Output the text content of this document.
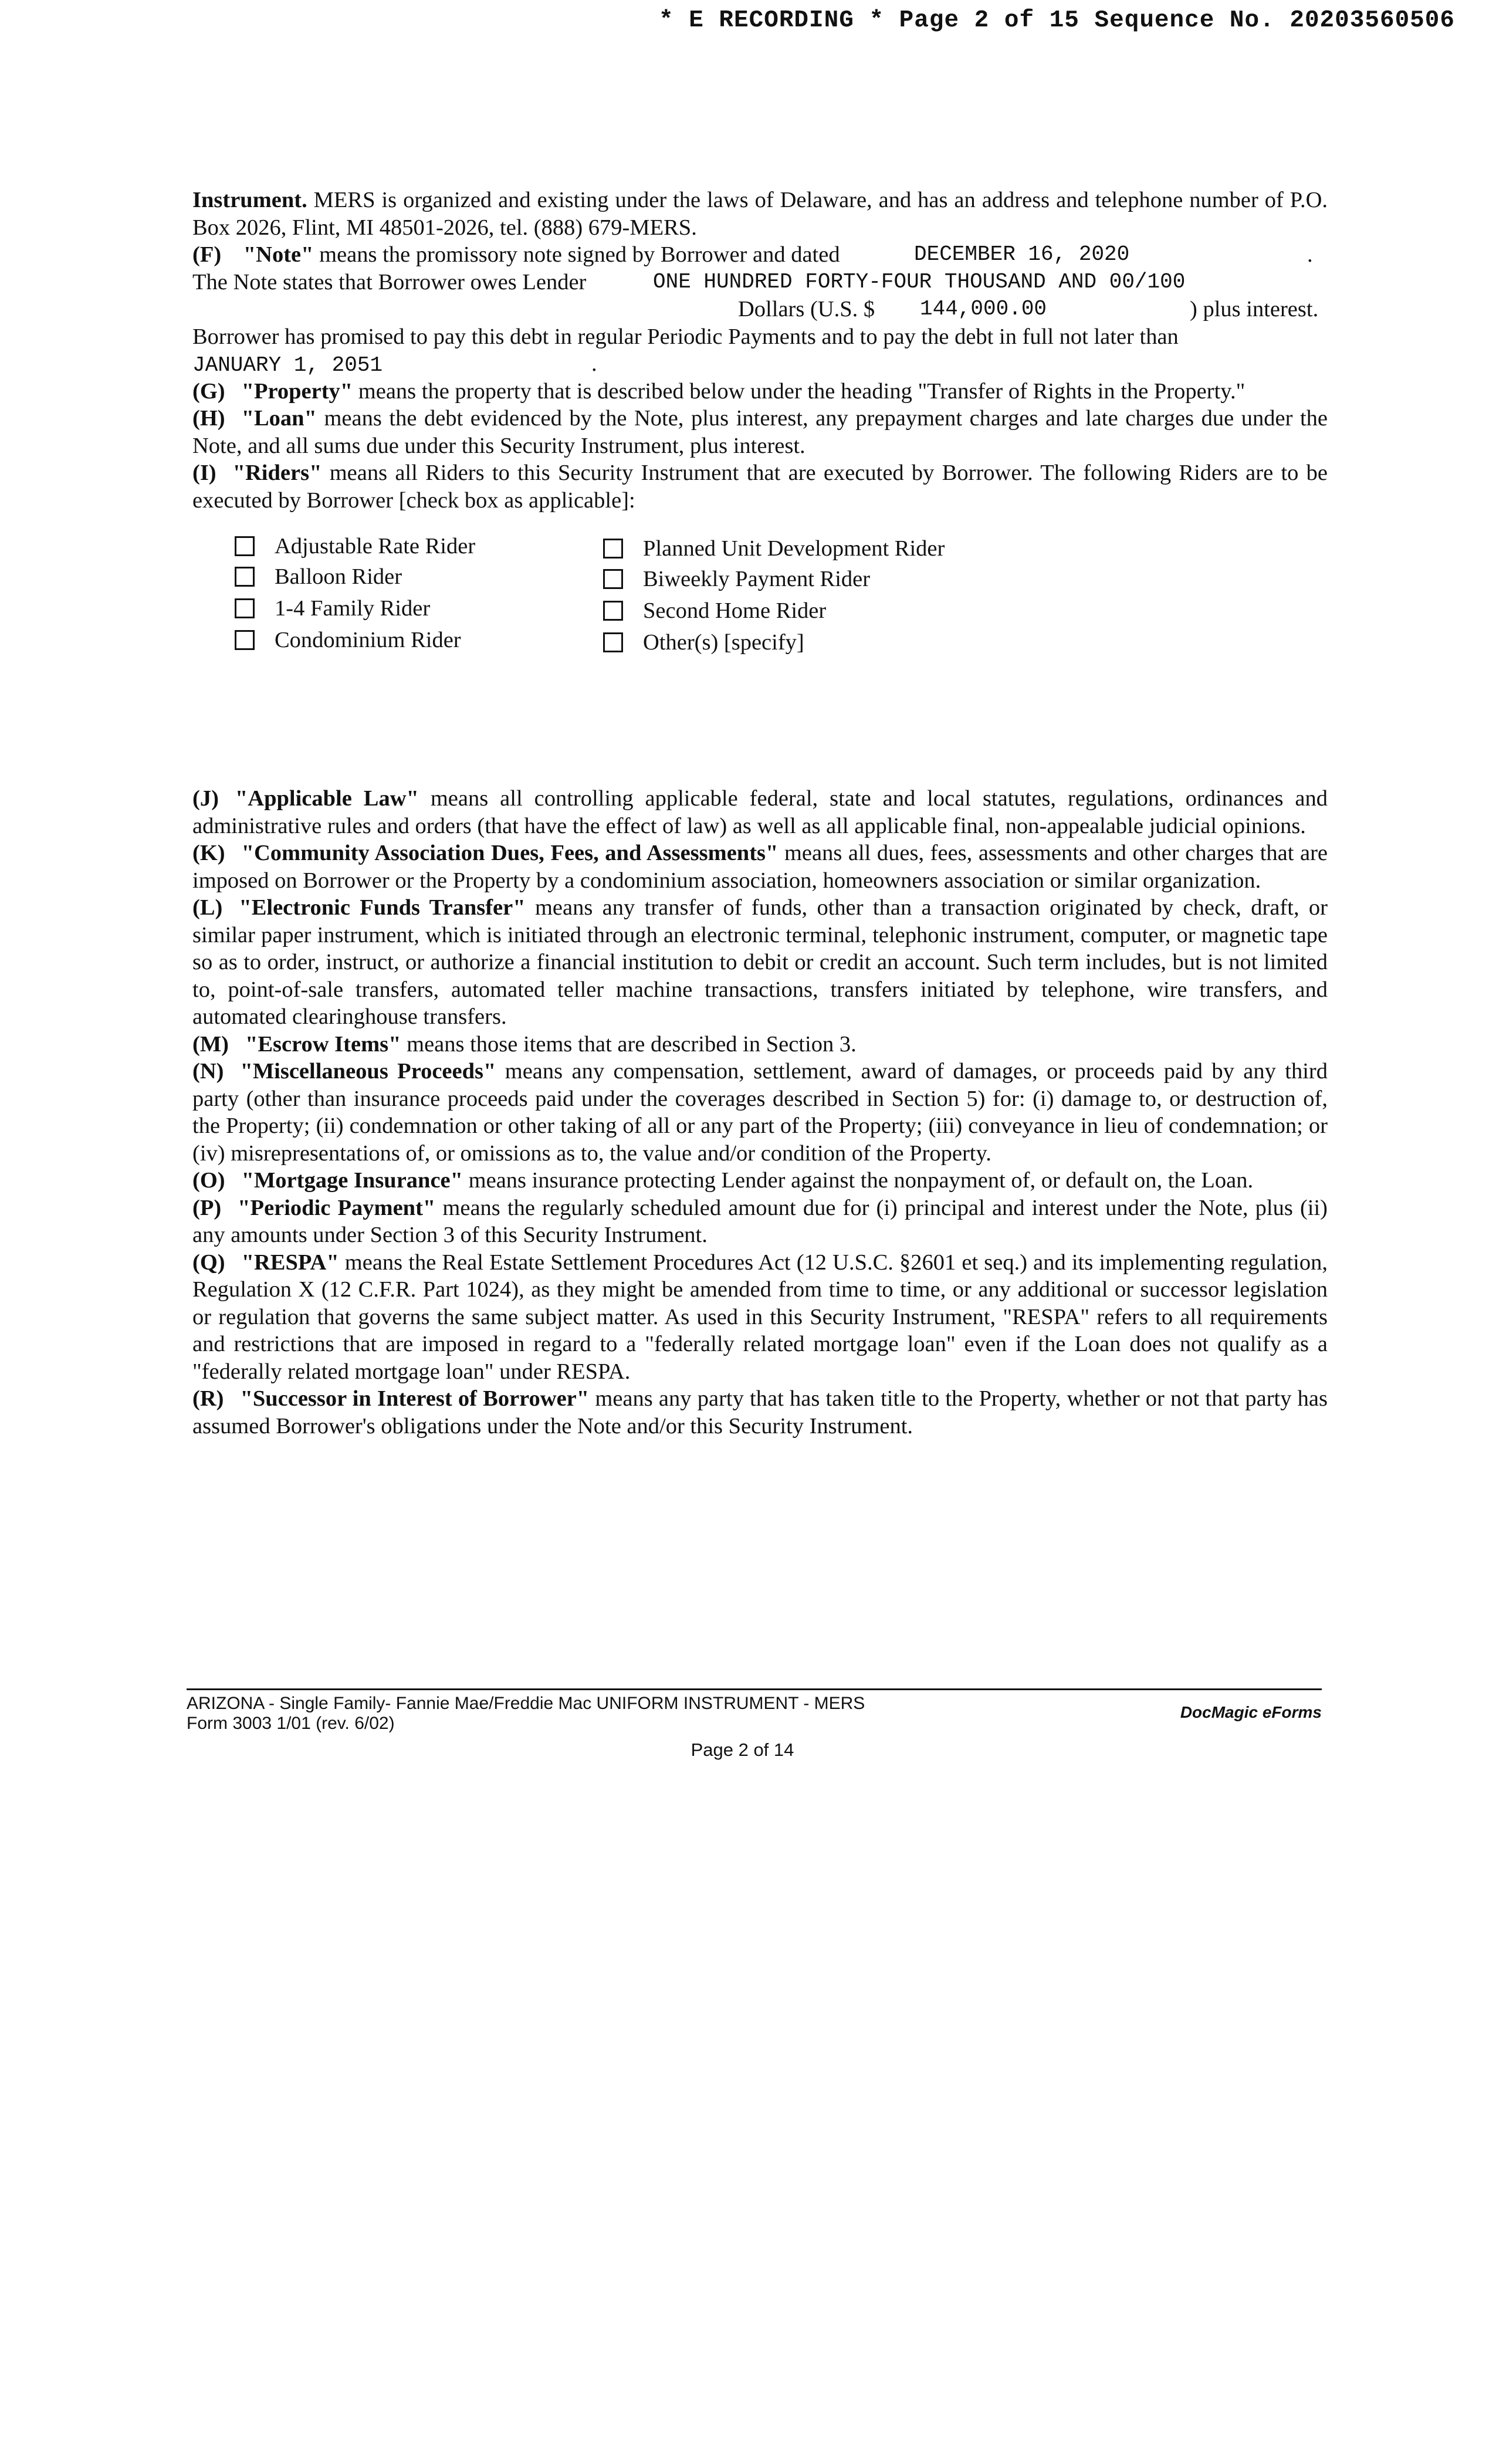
* E RECORDING * Page 2 of 15 Sequence No. 20203560506

Instrument. MERS is organized and existing under the laws of Delaware, and has an address and telephone number of P.O. Box 2026, Flint, MI 48501-2026, tel. (888) 679-MERS.

(F) "Note" means the promissory note signed by Borrower and dated	DECEMBER 16, 2020	.
The Note states that Borrower owes Lender	ONE HUNDRED FORTY-FOUR THOUSAND AND 00/100
Dollars (U.S. $ 144,000.00	) plus interest.

Borrower has promised to pay this debt in regular Periodic Payments and to pay the debt in full not later than

JANUARY 1, 2051	.

(G) "Property" means the property that is described below under the heading "Transfer of Rights in the Property."

(H) "Loan" means the debt evidenced by the Note, plus interest, any prepayment charges and late charges due under the Note, and all sums due under this Security Instrument, plus interest.

(I) "Riders" means all Riders to this Security Instrument that are executed by Borrower. The following Riders are to be executed by Borrower [check box as applicable]:

Adjustable Rate Rider
Balloon Rider
1-4 Family Rider
Condominium Rider
Planned Unit Development Rider
Biweekly Payment Rider
Second Home Rider
Other(s) [specify]

(J) "Applicable Law" means all controlling applicable federal, state and local statutes, regulations, ordinances and administrative rules and orders (that have the effect of law) as well as all applicable final, non-appealable judicial opinions.

(K) "Community Association Dues, Fees, and Assessments" means all dues, fees, assessments and other charges that are imposed on Borrower or the Property by a condominium association, homeowners association or similar organization.

(L) "Electronic Funds Transfer" means any transfer of funds, other than a transaction originated by check, draft, or similar paper instrument, which is initiated through an electronic terminal, telephonic instrument, computer, or magnetic tape so as to order, instruct, or authorize a financial institution to debit or credit an account. Such term includes, but is not limited to, point-of-sale transfers, automated teller machine transactions, transfers initiated by telephone, wire transfers, and automated clearinghouse transfers.

(M) "Escrow Items" means those items that are described in Section 3.

(N) "Miscellaneous Proceeds" means any compensation, settlement, award of damages, or proceeds paid by any third party (other than insurance proceeds paid under the coverages described in Section 5) for: (i) damage to, or destruction of, the Property; (ii) condemnation or other taking of all or any part of the Property; (iii) conveyance in lieu of condemnation; or (iv) misrepresentations of, or omissions as to, the value and/or condition of the Property.

(O) "Mortgage Insurance" means insurance protecting Lender against the nonpayment of, or default on, the Loan.

(P) "Periodic Payment" means the regularly scheduled amount due for (i) principal and interest under the Note, plus (ii) any amounts under Section 3 of this Security Instrument.

(Q) "RESPA" means the Real Estate Settlement Procedures Act (12 U.S.C. §2601 et seq.) and its implementing regulation, Regulation X (12 C.F.R. Part 1024), as they might be amended from time to time, or any additional or successor legislation or regulation that governs the same subject matter. As used in this Security Instrument, "RESPA" refers to all requirements and restrictions that are imposed in regard to a "federally related mortgage loan" even if the Loan does not qualify as a "federally related mortgage loan" under RESPA.

(R) "Successor in Interest of Borrower" means any party that has taken title to the Property, whether or not that party has assumed Borrower's obligations under the Note and/or this Security Instrument.

ARIZONA - Single Family- Fannie Mae/Freddie Mac UNIFORM INSTRUMENT - MERS
Form 3003 1/01 (rev. 6/02)
DocMagic eForms
Page 2 of 14
